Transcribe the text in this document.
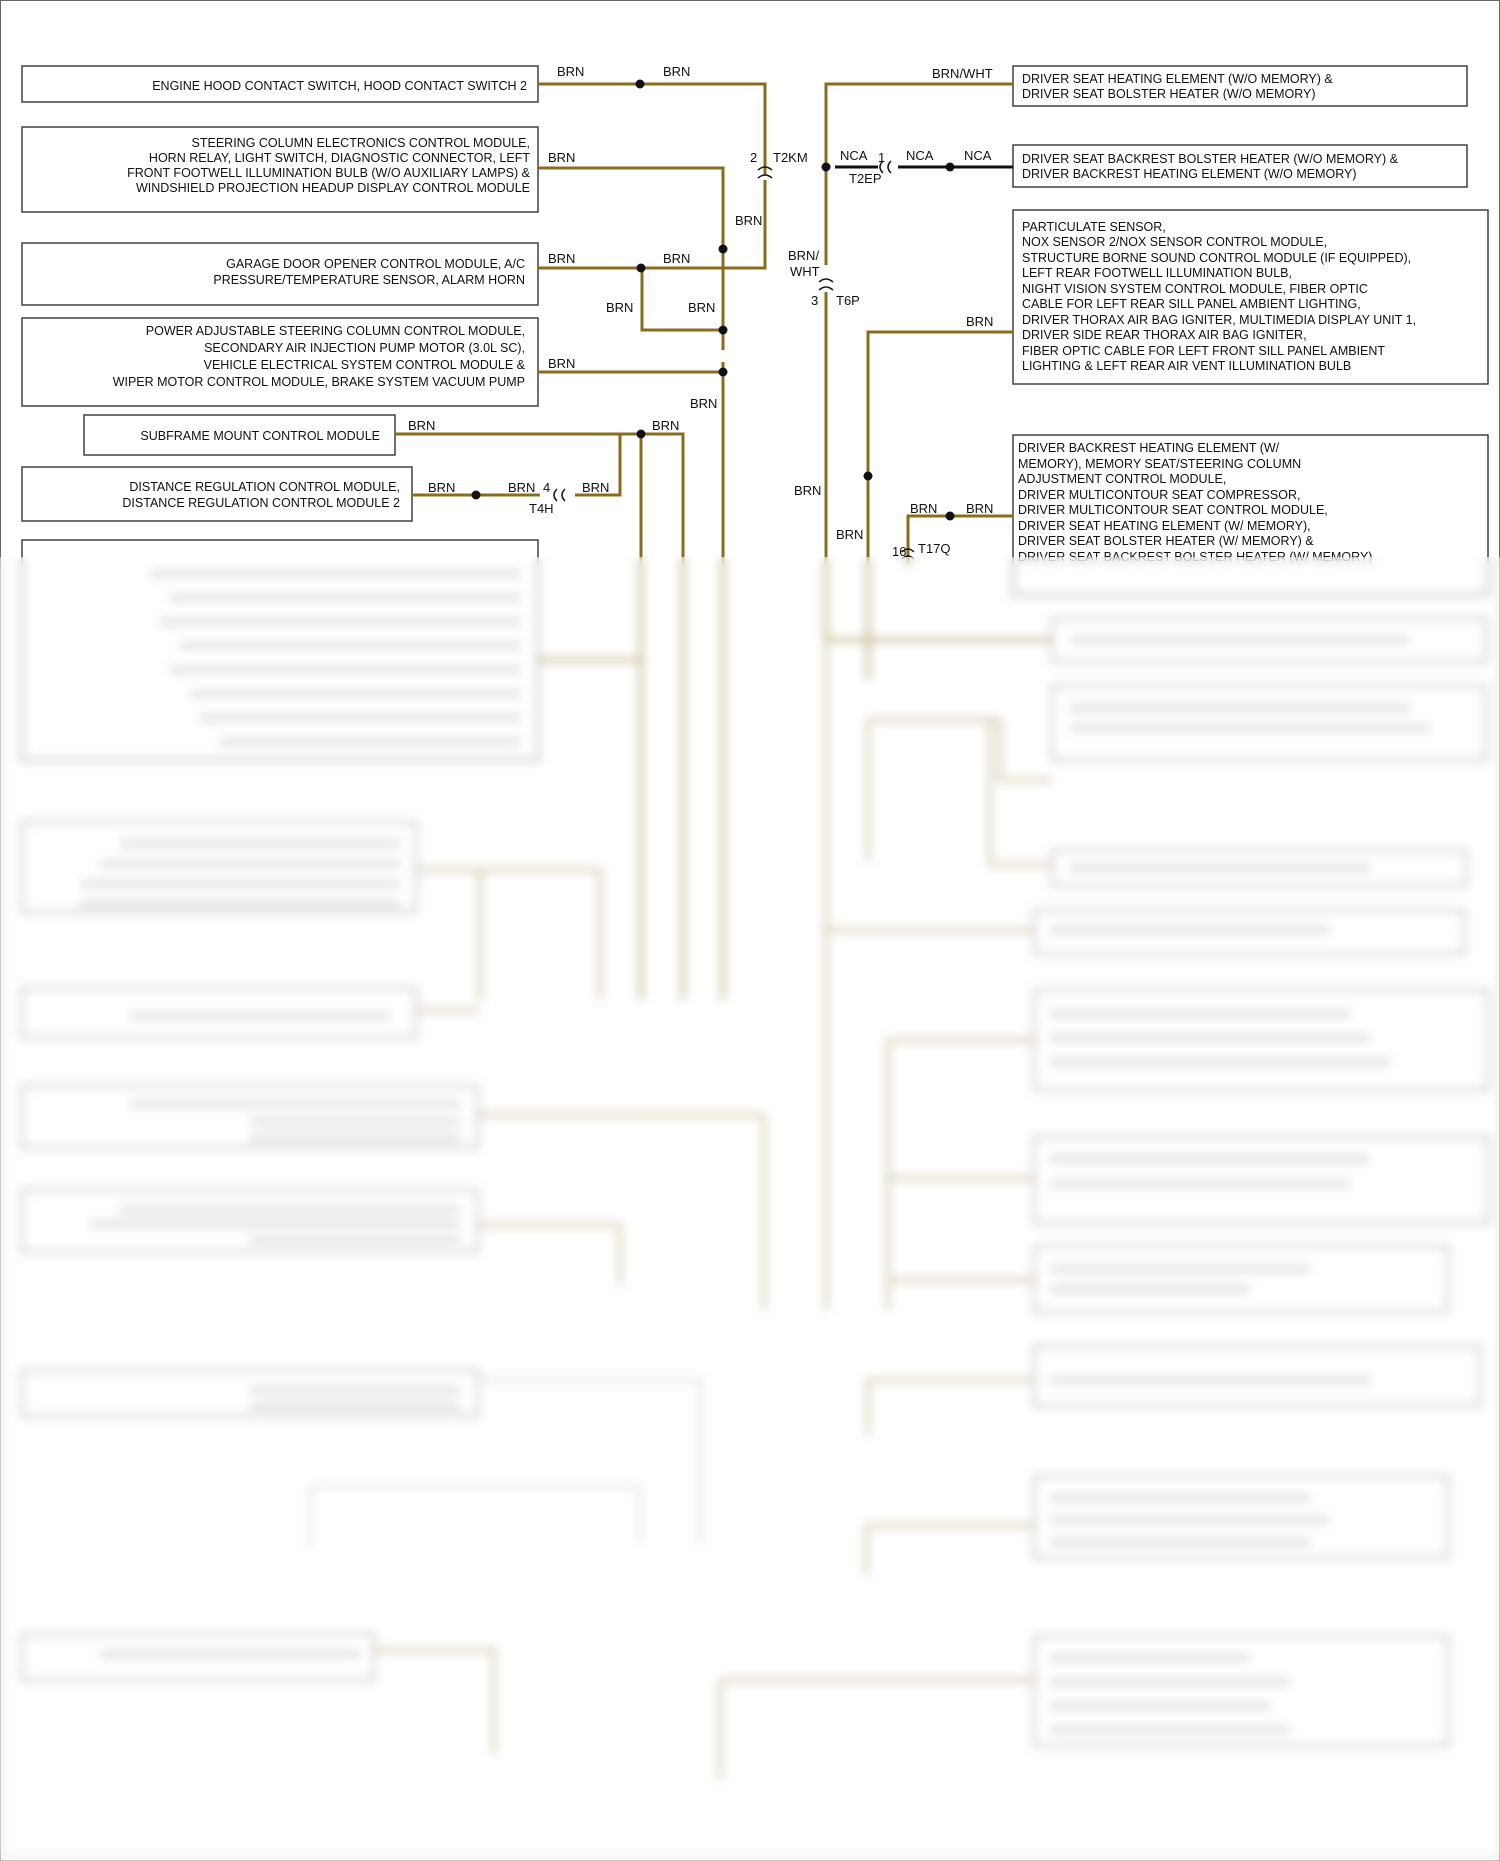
ENGINE HOOD CONTACT SWITCH, HOOD CONTACT SWITCH 2
STEERING COLUMN ELECTRONICS CONTROL MODULE,
HORN RELAY, LIGHT SWITCH, DIAGNOSTIC CONNECTOR, LEFT
FRONT FOOTWELL ILLUMINATION BULB (W/O AUXILIARY LAMPS) &
WINDSHIELD PROJECTION HEADUP DISPLAY CONTROL MODULE
GARAGE DOOR OPENER CONTROL MODULE, A/C
PRESSURE/TEMPERATURE SENSOR, ALARM HORN
POWER ADJUSTABLE STEERING COLUMN CONTROL MODULE,
SECONDARY AIR INJECTION PUMP MOTOR (3.0L SC),
VEHICLE ELECTRICAL SYSTEM CONTROL MODULE &
WIPER MOTOR CONTROL MODULE, BRAKE SYSTEM VACUUM PUMP
SUBFRAME MOUNT CONTROL MODULE
DISTANCE REGULATION CONTROL MODULE,
DISTANCE REGULATION CONTROL MODULE 2
DRIVER SEAT HEATING ELEMENT (W/O MEMORY) &
DRIVER SEAT BOLSTER HEATER (W/O MEMORY)
DRIVER SEAT BACKREST BOLSTER HEATER (W/O MEMORY) &
DRIVER BACKREST HEATING ELEMENT (W/O MEMORY)
PARTICULATE SENSOR,
NOX SENSOR 2/NOX SENSOR CONTROL MODULE,
STRUCTURE BORNE SOUND CONTROL MODULE (IF EQUIPPED),
LEFT REAR FOOTWELL ILLUMINATION BULB,
NIGHT VISION SYSTEM CONTROL MODULE, FIBER OPTIC
CABLE FOR LEFT REAR SILL PANEL AMBIENT LIGHTING,
DRIVER THORAX AIR BAG IGNITER, MULTIMEDIA DISPLAY UNIT 1,
DRIVER SIDE REAR THORAX AIR BAG IGNITER,
FIBER OPTIC CABLE FOR LEFT FRONT SILL PANEL AMBIENT
LIGHTING & LEFT REAR AIR VENT ILLUMINATION BULB
DRIVER BACKREST HEATING ELEMENT (W/
MEMORY), MEMORY SEAT/STEERING COLUMN
ADJUSTMENT CONTROL MODULE,
DRIVER MULTICONTOUR SEAT COMPRESSOR,
DRIVER MULTICONTOUR SEAT CONTROL MODULE,
DRIVER SEAT HEATING ELEMENT (W/ MEMORY),
DRIVER SEAT BOLSTER HEATER (W/ MEMORY) &
DRIVER SEAT BACKREST BOLSTER HEATER (W/ MEMORY)
BRN	BRN
BRN
BRN
BRN	BRN
BRN	BRN
BRN
BRN
BRN	BRN
BRN	BRN	BRN
BRN/WHT
NCA	NCA NCA
BRN/
WHT
BRN
BRN
BRN
BRN BRN
2 T2KM	1
T2EP
3 T6P
4
T4H
16 T17Q
